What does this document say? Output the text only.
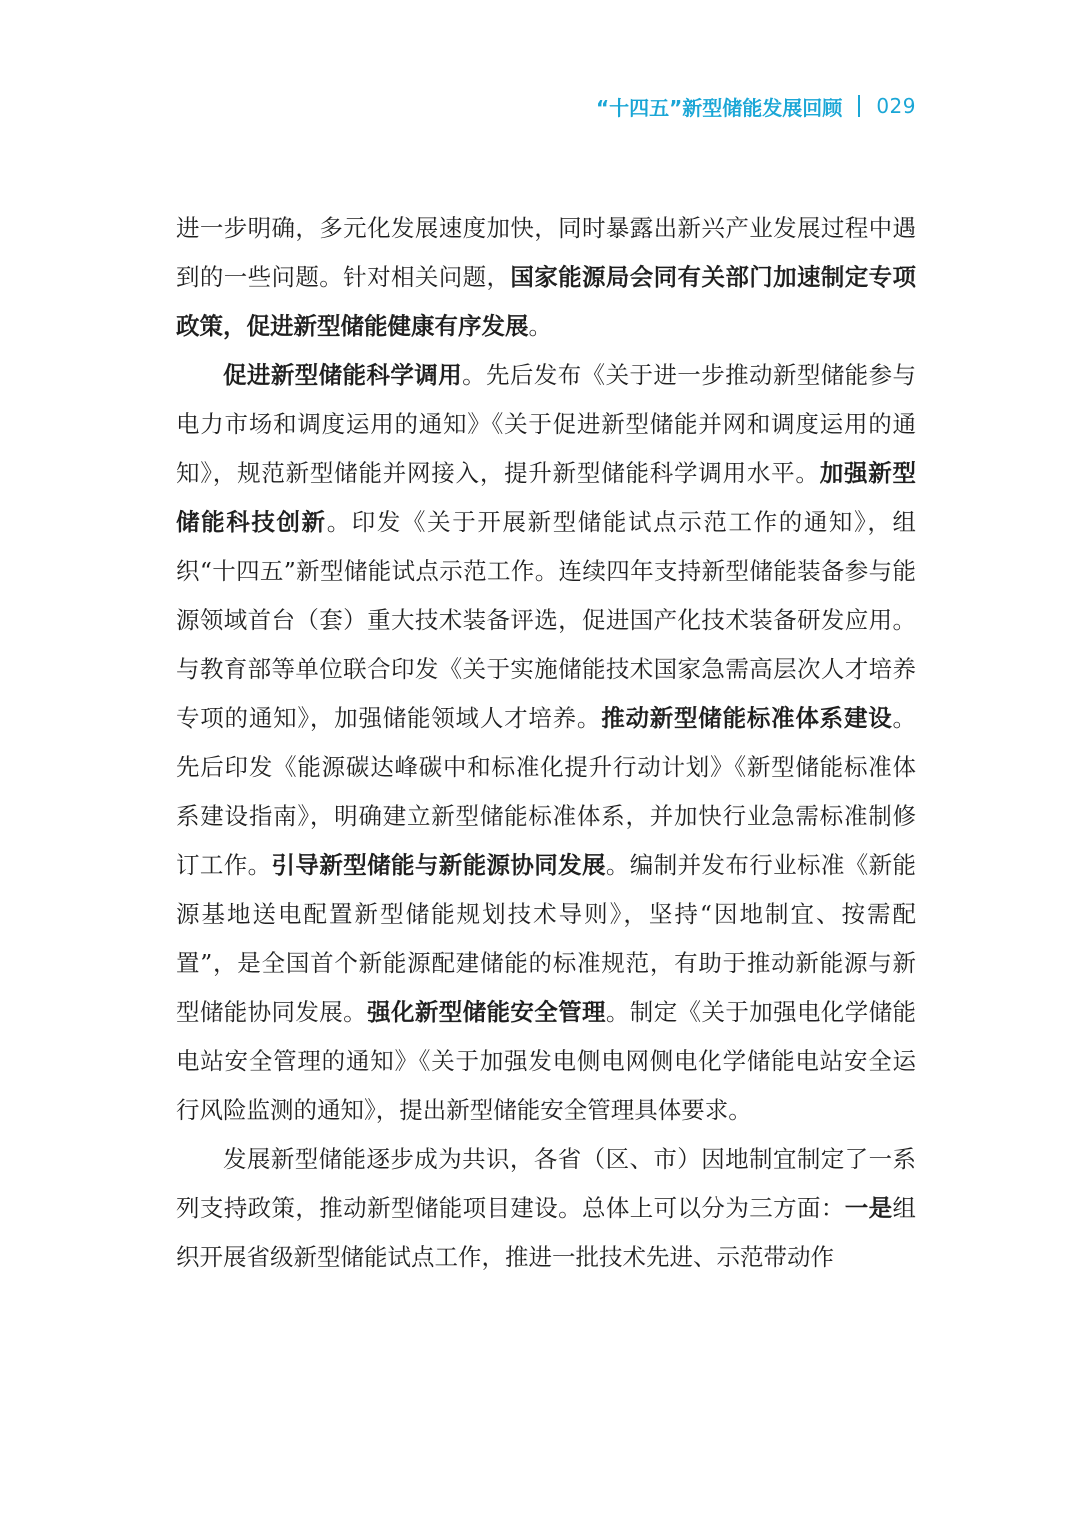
“十四五”新型储能发展回顾 029

进一步明确，多元化发展速度加快，同时暴露出新兴产业发展过程中遇到的一些问题。针对相关问题，国家能源局会同有关部门加速制定专项政策，促进新型储能健康有序发展。

促进新型储能科学调用。先后发布《关于进一步推动新型储能参与电力市场和调度运用的通知》《关于促进新型储能并网和调度运用的通知》，规范新型储能并网接入，提升新型储能科学调用水平。加强新型储能科技创新。印发《关于开展新型储能试点示范工作的通知》，组织“十四五”新型储能试点示范工作。连续四年支持新型储能装备参与能源领域首台（套）重大技术装备评选，促进国产化技术装备研发应用。与教育部等单位联合印发《关于实施储能技术国家急需高层次人才培养专项的通知》，加强储能领域人才培养。推动新型储能标准体系建设。先后印发《能源碳达峰碳中和标准化提升行动计划》《新型储能标准体系建设指南》，明确建立新型储能标准体系，并加快行业急需标准制修订工作。引导新型储能与新能源协同发展。编制并发布行业标准《新能源基地送电配置新型储能规划技术导则》，坚持“因地制宜、按需配置”，是全国首个新能源配建储能的标准规范，有助于推动新能源与新型储能协同发展。强化新型储能安全管理。制定《关于加强电化学储能电站安全管理的通知》《关于加强发电侧电网侧电化学储能电站安全运行风险监测的通知》，提出新型储能安全管理具体要求。

发展新型储能逐步成为共识，各省（区、市）因地制宜制定了一系列支持政策，推动新型储能项目建设。总体上可以分为三方面：一是组织开展省级新型储能试点工作，推进一批技术先进、示范带动作
